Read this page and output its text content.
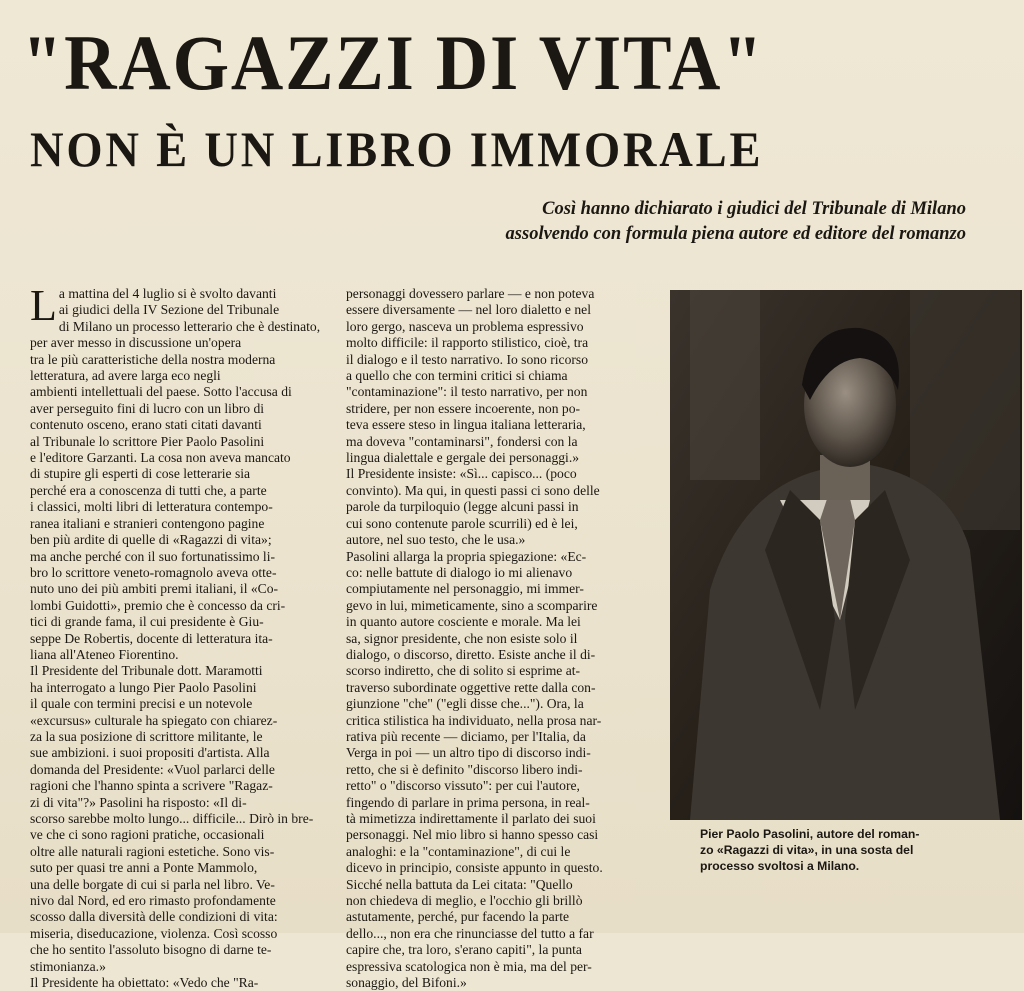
"RAGAZZI DI VITA"
NON È UN LIBRO IMMORALE
Così hanno dichiarato i giudici del Tribunale di Milano
assolvendo con formula piena autore ed editore del romanzo
L a mattina del 4 luglio si è svolto davanti

ai giudici della IV Sezione del Tribunale

di Milano un processo letterario che è destinato,

per aver messo in discussione un'opera

tra le più caratteristiche della nostra moderna

letteratura, ad avere larga eco negli

ambienti intellettuali del paese. Sotto l'accusa di

aver perseguito fini di lucro con un libro di

contenuto osceno, erano stati citati davanti

al Tribunale lo scrittore Pier Paolo Pasolini

e l'editore Garzanti. La cosa non aveva mancato

di stupire gli esperti di cose letterarie sia

perché era a conoscenza di tutti che, a parte

i classici, molti libri di letteratura contempo-

ranea italiani e stranieri contengono pagine

ben più ardite di quelle di «Ragazzi di vita»;

ma anche perché con il suo fortunatissimo li-

bro lo scrittore veneto-romagnolo aveva otte-

nuto uno dei più ambiti premi italiani, il «Co-

lombi Guidotti», premio che è concesso da cri-

tici di grande fama, il cui presidente è Giu-

seppe De Robertis, docente di letteratura ita-

liana all'Ateneo Fiorentino.

Il Presidente del Tribunale dott. Maramotti

ha interrogato a lungo Pier Paolo Pasolini

il quale con termini precisi e un notevole

«excursus» culturale ha spiegato con chiarez-

za la sua posizione di scrittore militante, le

sue ambizioni. i suoi propositi d'artista. Alla

domanda del Presidente: «Vuol parlarci delle

ragioni che l'hanno spinta a scrivere "Ragaz-

zi di vita"?» Pasolini ha risposto: «Il di-

scorso sarebbe molto lungo... difficile... Dirò in bre-

ve che ci sono ragioni pratiche, occasionali

oltre alle naturali ragioni estetiche. Sono vis-

suto per quasi tre anni a Ponte Mammolo,

una delle borgate di cui si parla nel libro. Ve-

nivo dal Nord, ed ero rimasto profondamente

scosso dalla diversità delle condizioni di vita:

miseria, diseducazione, violenza. Così scosso

che ho sentito l'assoluto bisogno di darne te-

stimonianza.»

Il Presidente ha obiettato: «Vedo che "Ra-

personaggi dovessero parlare — e non poteva

essere diversamente — nel loro dialetto e nel

loro gergo, nasceva un problema espressivo

molto difficile: il rapporto stilistico, cioè, tra

il dialogo e il testo narrativo. Io sono ricorso

a quello che con termini critici si chiama

"contaminazione": il testo narrativo, per non

stridere, per non essere incoerente, non po-

teva essere steso in lingua italiana letteraria,

ma doveva "contaminarsi", fondersi con la

lingua dialettale e gergale dei personaggi.»

Il Presidente insiste: «Sì... capisco... (poco

convinto). Ma qui, in questi passi ci sono delle

parole da turpiloquio (legge alcuni passi in

cui sono contenute parole scurrili) ed è lei,

autore, nel suo testo, che le usa.»

Pasolini allarga la propria spiegazione: «Ec-

co: nelle battute di dialogo io mi alienavo

compiutamente nel personaggio, mi immer-

gevo in lui, mimeticamente, sino a scomparire

in quanto autore cosciente e morale. Ma lei

sa, signor presidente, che non esiste solo il

dialogo, o discorso, diretto. Esiste anche il di-

scorso indiretto, che di solito si esprime at-

traverso subordinate oggettive rette dalla con-

giunzione "che" ("egli disse che..."). Ora, la

critica stilistica ha individuato, nella prosa nar-

rativa più recente — diciamo, per l'Italia, da

Verga in poi — un altro tipo di discorso indi-

retto, che si è definito "discorso libero indi-

retto" o "discorso vissuto": per cui l'autore,

fingendo di parlare in prima persona, in real-

tà mimetizza indirettamente il parlato dei suoi

personaggi. Nel mio libro si hanno spesso casi

analoghi: e la "contaminazione", di cui le

dicevo in principio, consiste appunto in questo.

Sicché nella battuta da Lei citata: "Quello

non chiedeva di meglio, e l'occhio gli brillò

astutamente, perché, pur facendo la parte

dello..., non era che rinunciasse del tutto a far

capire che, tra loro, s'erano capiti", la punta

espressiva scatologica non è mia, ma del per-

sonaggio, del Bifoni.»

Pier Paolo Pasolini, autore del roman-

zo «Ragazzi di vita», in una sosta del

processo svoltosi a Milano.
